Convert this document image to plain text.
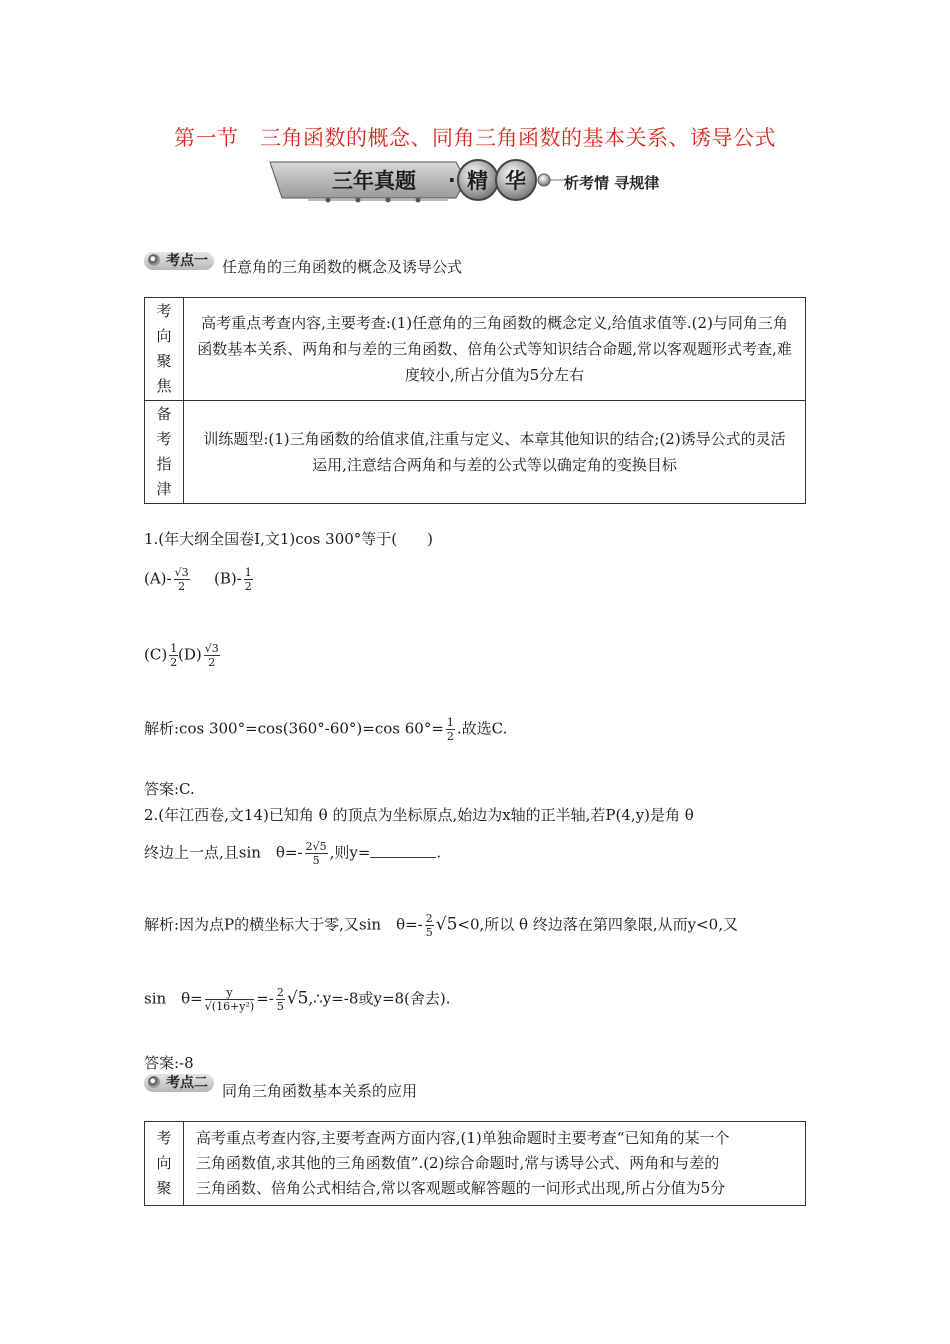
第一节　三角函数的概念、同角三角函数的基本关系、诱导公式
三年真题 · 精 华	析考情 寻规律
考点一 任意角的三角函数的概念及诱导公式
考
向
聚
焦	高考重点考查内容,主要考查:(1)任意角的三角函数的概念定义,给值求值等.(2)与同角三角函数基本关系、两角和与差的三角函数、倍角公式等知识结合命题,常以客观题形式考查,难度较小,所占分值为5分左右
备
考
指
津	训练题型:(1)三角函数的给值求值,注重与定义、本章其他知识的结合;(2)诱导公式的灵活运用,注意结合两角和与差的公式等以确定角的变换目标
1.(年大纲全国卷Ⅰ,文1)cos 300°等于(　　)
$(A)- \frac{√3}{2} (B)- \frac{1}{2}$
$(C) \frac{1}{2} (D) \frac{√3}{2}$
解析:cos 300°=cos(360°-60°)=cos $60^\circ= \frac{1}{2}$ .故选C.
答案:C.
2.(年江西卷,文14)已知角 θ 的顶点为坐标原点,始边为x轴的正半轴,若P(4,y)是角 θ
终边上一点,且sin　$\theta=- \frac{2√5}{5}$ ,则y=	.
解析:因为点P的横坐标大于零,又sin　$\theta=- \frac{2}{5} √5<0$,所以 θ 终边落在第四象限,从而y<0,又
sin　$\theta= \frac{y}{\text{√(16+y²)}} =- \frac{2}{5}$ √5,∴y=-8或y=8(舍去).
答案:-8
考点二 同角三角函数基本关系的应用
考
向
聚	高考重点考查内容,主要考查两方面内容,(1)单独命题时主要考查“已知角的某一个
三角函数值,求其他的三角函数值”.(2)综合命题时,常与诱导公式、两角和与差的
三角函数、倍角公式相结合,常以客观题或解答题的一问形式出现,所占分值为5分
